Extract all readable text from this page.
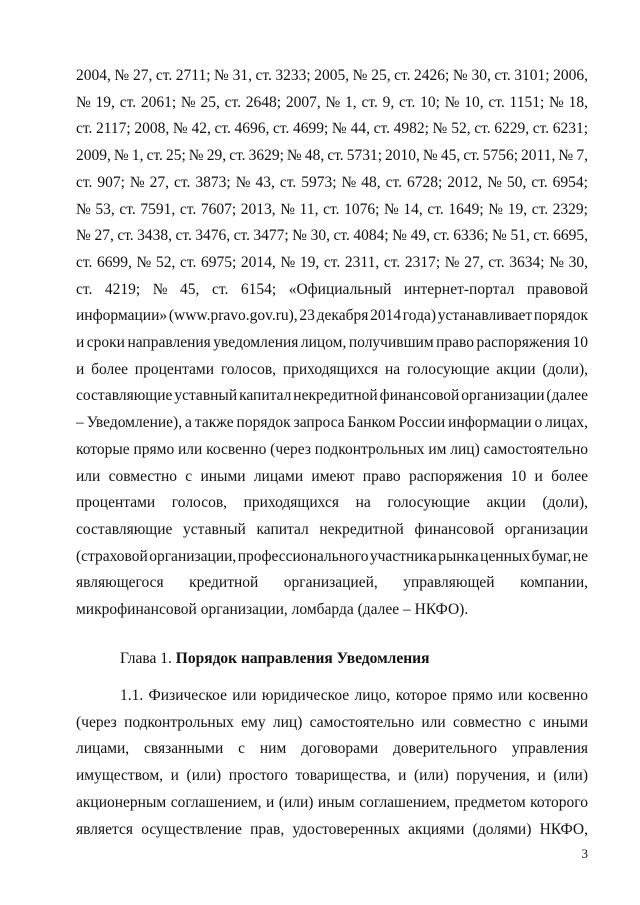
2004, № 27, ст. 2711; № 31, ст. 3233; 2005, № 25, ст. 2426; № 30, ст. 3101; 2006,
№ 19, ст. 2061; № 25, ст. 2648; 2007, № 1, ст. 9, ст. 10; № 10, ст. 1151; № 18,
ст. 2117; 2008, № 42, ст. 4696, ст. 4699; № 44, ст. 4982; № 52, ст. 6229, ст. 6231;
2009, № 1, ст. 25; № 29, ст. 3629; № 48, ст. 5731; 2010, № 45, ст. 5756; 2011, № 7,
ст. 907; № 27, ст. 3873; № 43, ст. 5973; № 48, ст. 6728; 2012, № 50, ст. 6954;
№ 53, ст. 7591, ст. 7607; 2013, № 11, ст. 1076; № 14, ст. 1649; № 19, ст. 2329;
№ 27, ст. 3438, ст. 3476, ст. 3477; № 30, ст. 4084; № 49, ст. 6336; № 51, ст. 6695,
ст. 6699, № 52, ст. 6975; 2014, № 19, ст. 2311, ст. 2317; № 27, ст. 3634; № 30,
ст. 4219; № 45, ст. 6154; «Официальный интернет-портал правовой
информации» (www.pravo.gov.ru), 23 декабря 2014 года) устанавливает порядок
и сроки направления уведомления лицом, получившим право распоряжения 10
и более процентами голосов, приходящихся на голосующие акции (доли),
составляющие уставный капитал некредитной финансовой организации (далее
– Уведомление), а также порядок запроса Банком России информации о лицах,
которые прямо или косвенно (через подконтрольных им лиц) самостоятельно
или совместно с иными лицами имеют право распоряжения 10 и более
процентами голосов, приходящихся на голосующие акции (доли),
составляющие уставный капитал некредитной финансовой организации
(страховой организации, профессионального участника рынка ценных бумаг, не
являющегося кредитной организацией, управляющей компании,
микрофинансовой организации, ломбарда (далее – НКФО).
Глава 1. Порядок направления Уведомления
1.1. Физическое или юридическое лицо, которое прямо или косвенно
(через подконтрольных ему лиц) самостоятельно или совместно с иными
лицами, связанными с ним договорами доверительного управления
имуществом, и (или) простого товарищества, и (или) поручения, и (или)
акционерным соглашением, и (или) иным соглашением, предметом которого
является осуществление прав, удостоверенных акциями (долями) НКФО,
3
